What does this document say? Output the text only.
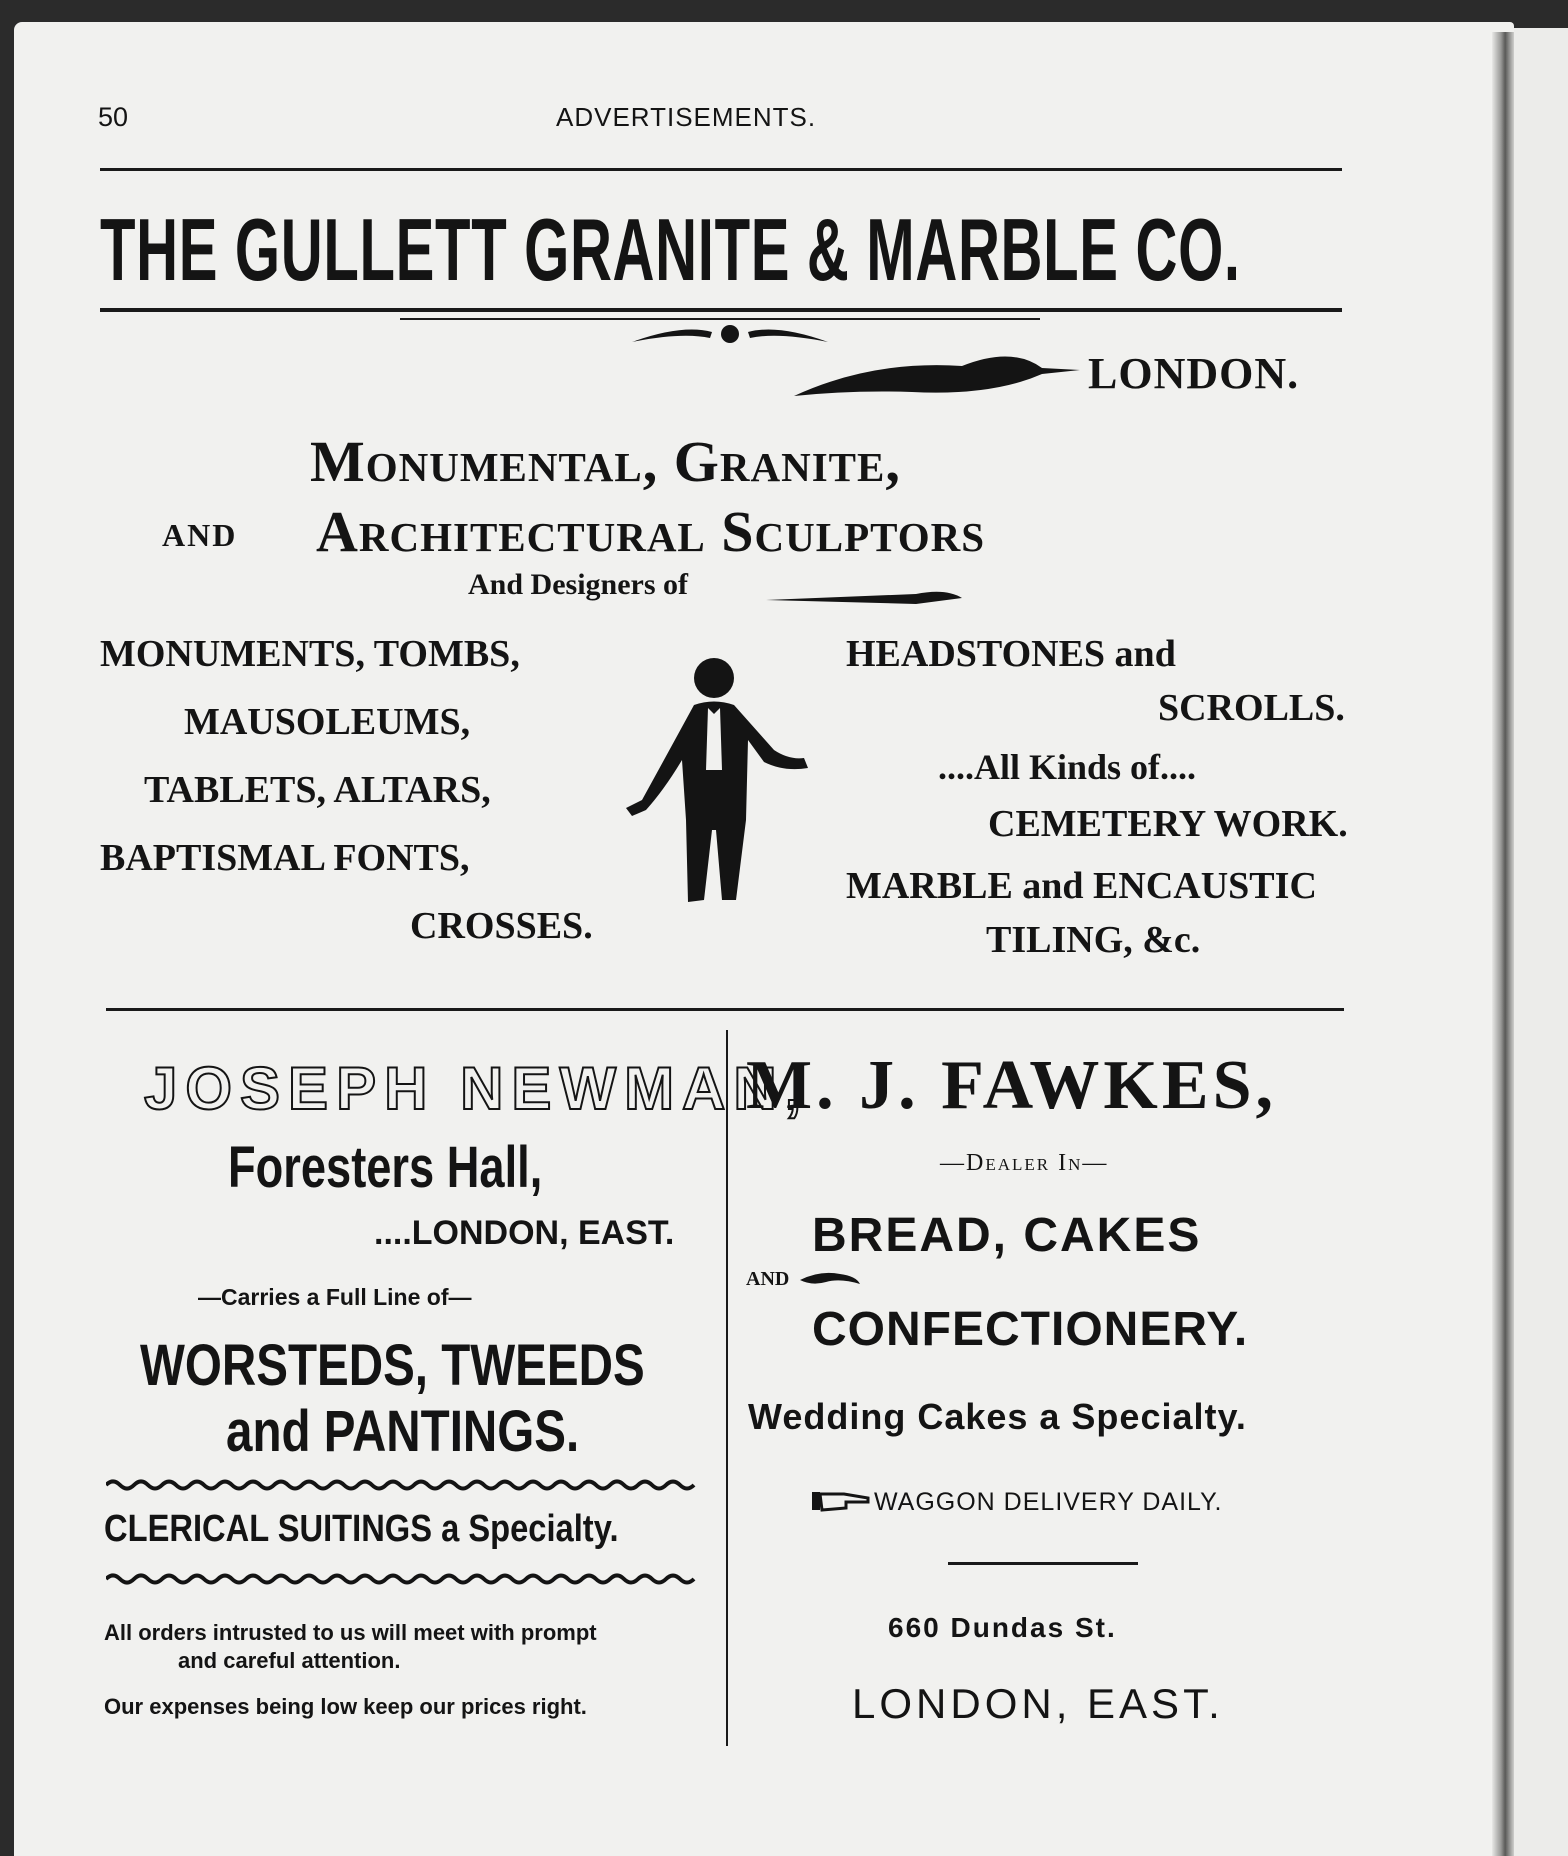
50	ADVERTISEMENTS.
THE GULLETT GRANITE & MARBLE CO.
LONDON.
Monumental, Granite,
and Architectural Sculptors
And Designers of
MONUMENTS, TOMBS,
MAUSOLEUMS,
TABLETS, ALTARS,
BAPTISMAL FONTS,
CROSSES.
HEADSTONES and
SCROLLS.
....All Kinds of....
CEMETERY WORK.
MARBLE and ENCAUSTIC
TILING, &c.
JOSEPH NEWMAN,
Foresters Hall,
....LONDON, EAST.
—Carries a Full Line of—
WORSTEDS, TWEEDS
and PANTINGS.
CLERICAL SUITINGS a Specialty.
All orders intrusted to us will meet with prompt
and careful attention.
Our expenses being low keep our prices right.
M. J. FAWKES,
—Dealer In—
BREAD, CAKES
AND
CONFECTIONERY.
Wedding Cakes a Specialty.
WAGGON DELIVERY DAILY.
660 Dundas St.
LONDON, EAST.
